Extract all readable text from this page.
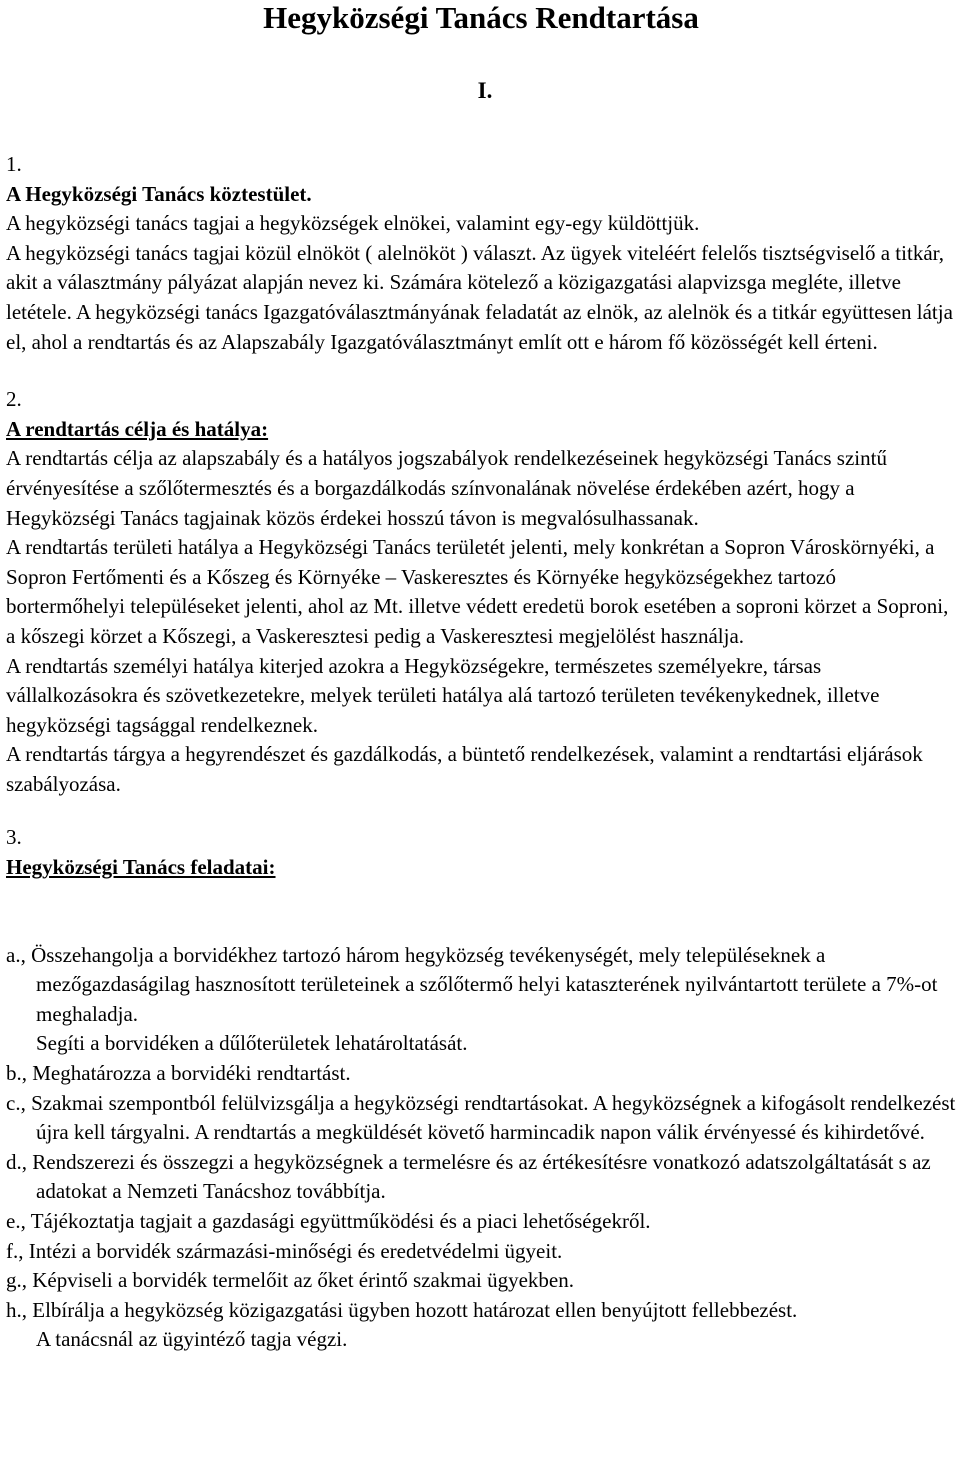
Hegyközségi Tanács Rendtartása
I.

1.

A Hegyközségi Tanács köztestület.

A hegyközségi tanács tagjai a hegyközségek elnökei, valamint egy-egy küldöttjük.

A hegyközségi tanács tagjai közül elnököt ( alelnököt ) választ. Az ügyek viteléért felelős tisztségviselő a titkár, akit a választmány pályázat alapján nevez ki. Számára kötelező a közigazgatási alapvizsga megléte, illetve letétele. A hegyközségi tanács Igazgatóválasztmányának feladatát az elnök, az alelnök és a titkár együttesen látja el, ahol a rendtartás és az Alapszabály Igazgatóválasztmányt említ ott e három fő közösségét kell érteni.

2.

A rendtartás célja és hatálya:

A rendtartás célja az alapszabály és a hatályos jogszabályok rendelkezéseinek hegyközségi Tanács szintű érvényesítése a szőlőtermesztés és a borgazdálkodás színvonalának növelése érdekében azért, hogy a Hegyközségi Tanács tagjainak közös érdekei hosszú távon is megvalósulhassanak.

A rendtartás területi hatálya a Hegyközségi Tanács területét jelenti, mely konkrétan a Sopron Városkörnyéki, a Sopron Fertőmenti és a Kőszeg és Környéke – Vaskeresztes és Környéke hegyközségekhez tartozó bortermőhelyi településeket jelenti, ahol az Mt. illetve védett eredetü borok esetében a soproni körzet a Soproni, a kőszegi körzet a Kőszegi, a Vaskeresztesi pedig a Vaskeresztesi megjelölést használja.

A rendtartás személyi hatálya kiterjed azokra a Hegyközségekre, természetes személyekre, társas vállalkozásokra és szövetkezetekre, melyek területi hatálya alá tartozó területen tevékenykednek, illetve hegyközségi tagsággal rendelkeznek.

A rendtartás tárgya a hegyrendészet és gazdálkodás, a büntető rendelkezések, valamint a rendtartási eljárások szabályozása.

3.

Hegyközségi Tanács feladatai:

a., Összehangolja a borvidékhez tartozó három hegyközség tevékenységét, mely településeknek a mezőgazdaságilag hasznosított területeinek a szőlőtermő helyi kataszterének nyilvántartott területe a 7%-ot meghaladja.

Segíti a borvidéken a dűlőterületek lehatároltatását.

b., Meghatározza a borvidéki rendtartást.

c., Szakmai szempontból felülvizsgálja a hegyközségi rendtartásokat. A hegyközségnek a kifogásolt rendelkezést újra kell tárgyalni. A rendtartás a megküldését követő harmincadik napon válik érvényessé és kihirdetővé.

d., Rendszerezi és összegzi a hegyközségnek a termelésre és az értékesítésre vonatkozó adatszolgáltatását s az adatokat a Nemzeti Tanácshoz továbbítja.

e., Tájékoztatja tagjait a gazdasági együttműködési és a piaci lehetőségekről.

f., Intézi a borvidék származási-minőségi és eredetvédelmi ügyeit.

g., Képviseli a borvidék termelőit az őket érintő szakmai ügyekben.

h., Elbírálja a hegyközség közigazgatási ügyben hozott határozat ellen benyújtott fellebbezést.

A tanácsnál az ügyintéző tagja végzi.
